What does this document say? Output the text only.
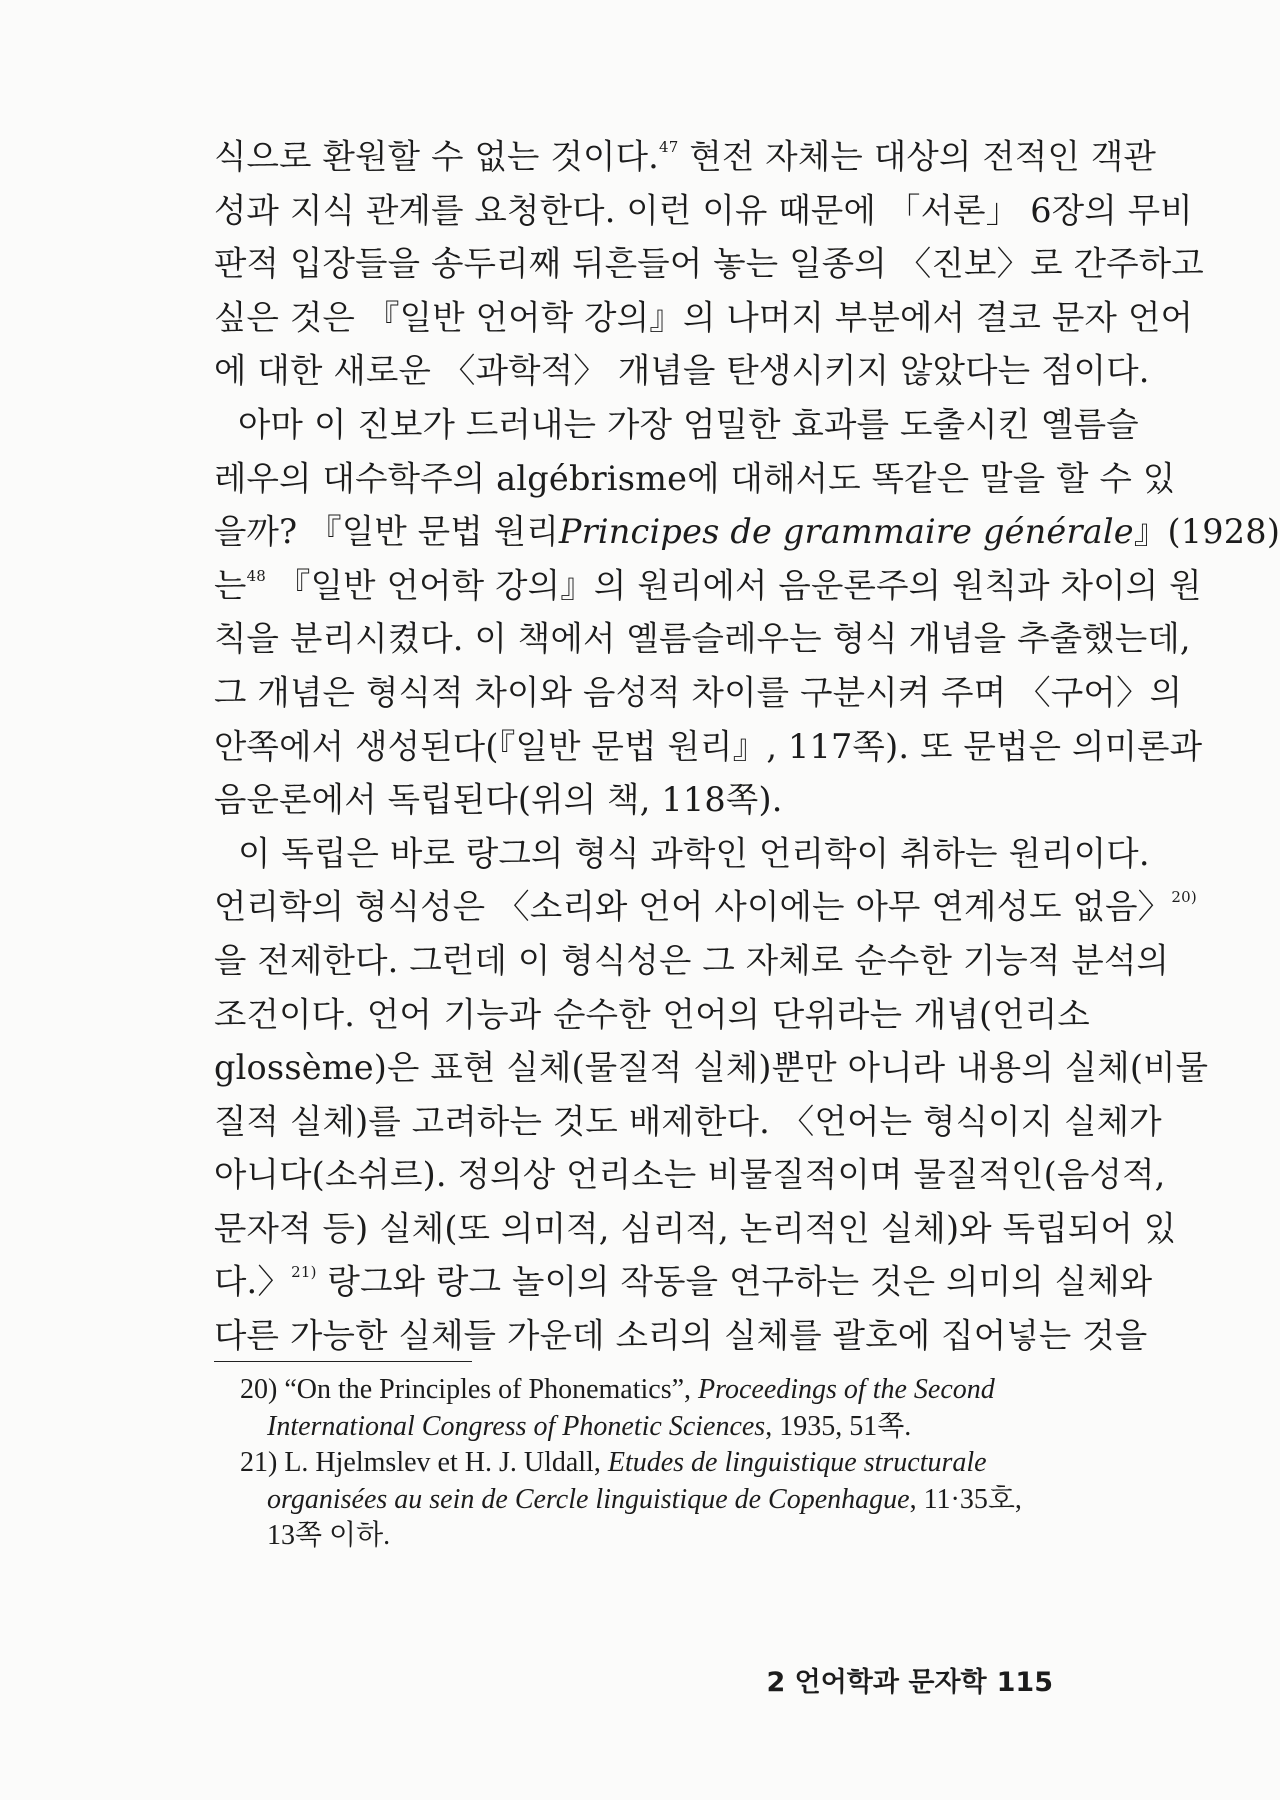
식으로 환원할 수 없는 것이다.$^{47}$ 현전 자체는 대상의 전적인 객관
성과 지식 관계를 요청한다. 이런 이유 때문에 「서론」 6장의 무비
판적 입장들을 송두리째 뒤흔들어 놓는 일종의 〈진보〉로 간주하고
싶은 것은 『일반 언어학 강의』의 나머지 부분에서 결코 문자 언어
에 대한 새로운 〈과학적〉 개념을 탄생시키지 않았다는 점이다.
아마 이 진보가 드러내는 가장 엄밀한 효과를 도출시킨 옐름슬
레우의 대수학주의 algébrisme에 대해서도 똑같은 말을 할 수 있
을까? 『일반 문법 원리Principes de grammaire générale』(1928)
는$^{48}$ 『일반 언어학 강의』의 원리에서 음운론주의 원칙과 차이의 원
칙을 분리시켰다. 이 책에서 옐름슬레우는 형식 개념을 추출했는데,
그 개념은 형식적 차이와 음성적 차이를 구분시켜 주며 〈구어〉의
안쪽에서 생성된다(『일반 문법 원리』, 117쪽). 또 문법은 의미론과
음운론에서 독립된다(위의 책, 118쪽).
이 독립은 바로 랑그의 형식 과학인 언리학이 취하는 원리이다.
언리학의 형식성은 〈소리와 언어 사이에는 아무 연계성도 없음〉$^{20)}$
을 전제한다. 그런데 이 형식성은 그 자체로 순수한 기능적 분석의
조건이다. 언어 기능과 순수한 언어의 단위라는 개념(언리소
glossème)은 표현 실체(물질적 실체)뿐만 아니라 내용의 실체(비물
질적 실체)를 고려하는 것도 배제한다. 〈언어는 형식이지 실체가
아니다(소쉬르). 정의상 언리소는 비물질적이며 물질적인(음성적,
문자적 등) 실체(또 의미적, 심리적, 논리적인 실체)와 독립되어 있
다.〉$^{21)}$ 랑그와 랑그 놀이의 작동을 연구하는 것은 의미의 실체와
다른 가능한 실체들 가운데 소리의 실체를 괄호에 집어넣는 것을
20) “On the Principles of Phonematics”, Proceedings of the Second
International Congress of Phonetic Sciences, 1935, 51쪽.
21) L. Hjelmslev et H. J. Uldall, Etudes de linguistique structurale
organisées au sein de Cercle linguistique de Copenhague, 11·35호,
13쪽 이하.
2 언어학과 문자학 115
